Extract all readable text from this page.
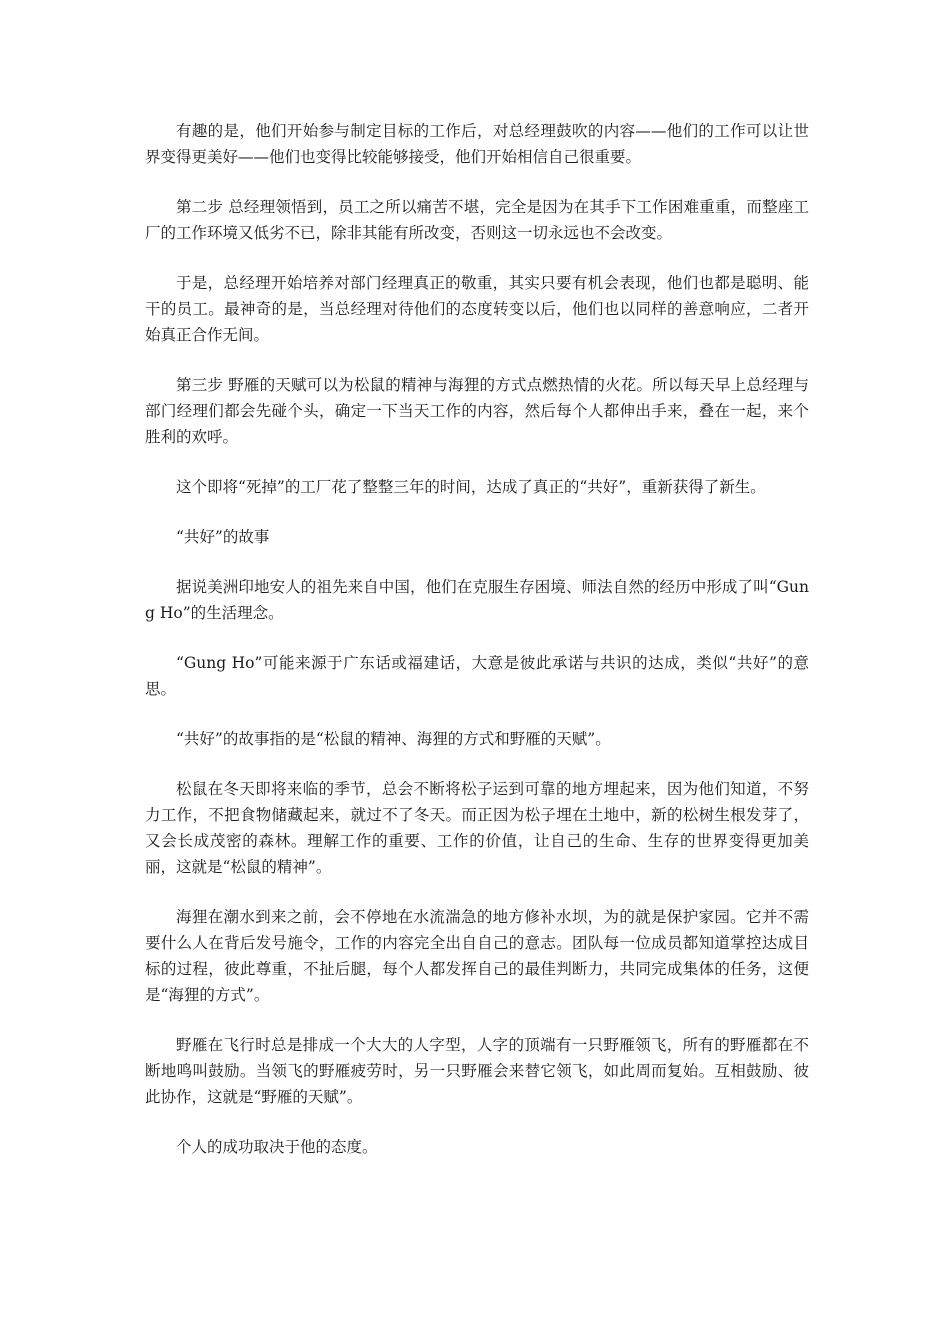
有趣的是，他们开始参与制定目标的工作后，对总经理鼓吹的内容——他们的工作可以让世界变得更美好——他们也变得比较能够接受，他们开始相信自己很重要。

第二步 总经理领悟到，员工之所以痛苦不堪，完全是因为在其手下工作困难重重，而整座工厂的工作环境又低劣不已，除非其能有所改变，否则这一切永远也不会改变。

于是，总经理开始培养对部门经理真正的敬重，其实只要有机会表现，他们也都是聪明、能干的员工。最神奇的是，当总经理对待他们的态度转变以后，他们也以同样的善意响应，二者开始真正合作无间。

第三步 野雁的天赋可以为松鼠的精神与海狸的方式点燃热情的火花。所以每天早上总经理与部门经理们都会先碰个头，确定一下当天工作的内容，然后每个人都伸出手来，叠在一起，来个胜利的欢呼。

这个即将“死掉”的工厂花了整整三年的时间，达成了真正的“共好”，重新获得了新生。

“共好”的故事

据说美洲印地安人的祖先来自中国，他们在克服生存困境、师法自然的经历中形成了叫“Gung Ho”的生活理念。

“Gung Ho”可能来源于广东话或福建话，大意是彼此承诺与共识的达成，类似“共好”的意思。

“共好”的故事指的是“松鼠的精神、海狸的方式和野雁的天赋”。

松鼠在冬天即将来临的季节，总会不断将松子运到可靠的地方埋起来，因为他们知道，不努力工作，不把食物储藏起来，就过不了冬天。而正因为松子埋在土地中，新的松树生根发芽了，又会长成茂密的森林。理解工作的重要、工作的价值，让自己的生命、生存的世界变得更加美丽，这就是“松鼠的精神”。

海狸在潮水到来之前，会不停地在水流湍急的地方修补水坝，为的就是保护家园。它并不需要什么人在背后发号施令，工作的内容完全出自自己的意志。团队每一位成员都知道掌控达成目标的过程，彼此尊重，不扯后腿，每个人都发挥自己的最佳判断力，共同完成集体的任务，这便是“海狸的方式”。

野雁在飞行时总是排成一个大大的人字型，人字的顶端有一只野雁领飞，所有的野雁都在不断地鸣叫鼓励。当领飞的野雁疲劳时，另一只野雁会来替它领飞，如此周而复始。互相鼓励、彼此协作，这就是“野雁的天赋”。

个人的成功取决于他的态度。
